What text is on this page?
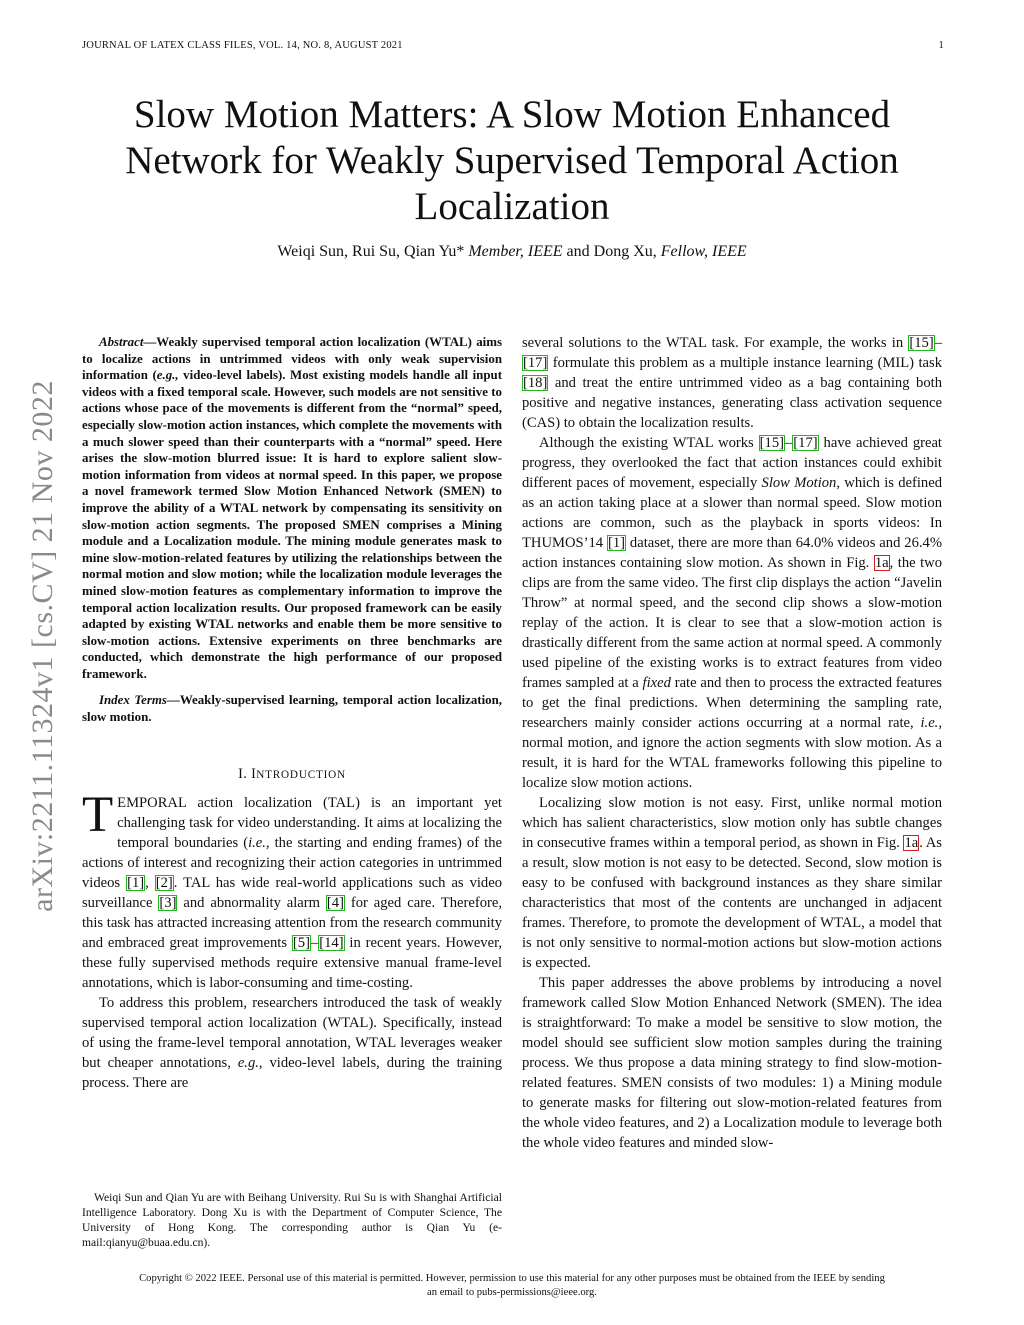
JOURNAL OF LATEX CLASS FILES, VOL. 14, NO. 8, AUGUST 2021	1
Slow Motion Matters: A Slow Motion Enhanced
Network for Weakly Supervised Temporal Action
Localization
Weiqi Sun, Rui Su, Qian Yu* Member, IEEE and Dong Xu, Fellow, IEEE
arXiv:2211.11324v1 [cs.CV] 21 Nov 2022

Abstract—Weakly supervised temporal action localization (WTAL) aims to localize actions in untrimmed videos with only weak supervision information (e.g., video-level labels). Most existing models handle all input videos with a fixed temporal scale. However, such models are not sensitive to actions whose pace of the movements is different from the “normal” speed, especially slow-motion action instances, which complete the movements with a much slower speed than their counterparts with a “normal” speed. Here arises the slow-motion blurred issue: It is hard to explore salient slow-motion information from videos at normal speed. In this paper, we propose a novel framework termed Slow Motion Enhanced Network (SMEN) to improve the ability of a WTAL network by compensating its sensitivity on slow-motion action segments. The proposed SMEN comprises a Mining module and a Localization module. The mining module generates mask to mine slow-motion-related features by utilizing the relationships between the normal motion and slow motion; while the localization module leverages the mined slow-motion features as complementary information to improve the temporal action localization results. Our proposed framework can be easily adapted by existing WTAL networks and enable them be more sensitive to slow-motion actions. Extensive experiments on three benchmarks are conducted, which demonstrate the high performance of our proposed framework.

Index Terms—Weakly-supervised learning, temporal action localization, slow motion.

I. INTRODUCTION

TEMPORAL action localization (TAL) is an important yet challenging task for video understanding. It aims at localizing the temporal boundaries (i.e., the starting and ending frames) of the actions of interest and recognizing their action categories in untrimmed videos [1], [2]. TAL has wide real-world applications such as video surveillance [3] and abnormality alarm [4] for aged care. Therefore, this task has attracted increasing attention from the research community and embraced great improvements [5]–[14] in recent years. However, these fully supervised methods require extensive manual frame-level annotations, which is labor-consuming and time-costing.

To address this problem, researchers introduced the task of weakly supervised temporal action localization (WTAL). Specifically, instead of using the frame-level temporal annotation, WTAL leverages weaker but cheaper annotations, e.g., video-level labels, during the training process. There are

Weiqi Sun and Qian Yu are with Beihang University. Rui Su is with Shanghai Artificial Intelligence Laboratory. Dong Xu is with the Department of Computer Science, The University of Hong Kong. The corresponding author is Qian Yu (e-mail:qianyu@buaa.edu.cn).

several solutions to the WTAL task. For example, the works in [15]–[17] formulate this problem as a multiple instance learning (MIL) task [18] and treat the entire untrimmed video as a bag containing both positive and negative instances, generating class activation sequence (CAS) to obtain the localization results.

Although the existing WTAL works [15]–[17] have achieved great progress, they overlooked the fact that action instances could exhibit different paces of movement, especially Slow Motion, which is defined as an action taking place at a slower than normal speed. Slow motion actions are common, such as the playback in sports videos: In THUMOS’14 [1] dataset, there are more than 64.0% videos and 26.4% action instances containing slow motion. As shown in Fig. 1a, the two clips are from the same video. The first clip displays the action “Javelin Throw” at normal speed, and the second clip shows a slow-motion replay of the action. It is clear to see that a slow-motion action is drastically different from the same action at normal speed. A commonly used pipeline of the existing works is to extract features from video frames sampled at a fixed rate and then to process the extracted features to get the final predictions. When determining the sampling rate, researchers mainly consider actions occurring at a normal rate, i.e., normal motion, and ignore the action segments with slow motion. As a result, it is hard for the WTAL frameworks following this pipeline to localize slow motion actions.

Localizing slow motion is not easy. First, unlike normal motion which has salient characteristics, slow motion only has subtle changes in consecutive frames within a temporal period, as shown in Fig. 1a. As a result, slow motion is not easy to be detected. Second, slow motion is easy to be confused with background instances as they share similar characteristics that most of the contents are unchanged in adjacent frames. Therefore, to promote the development of WTAL, a model that is not only sensitive to normal-motion actions but slow-motion actions is expected.

This paper addresses the above problems by introducing a novel framework called Slow Motion Enhanced Network (SMEN). The idea is straightforward: To make a model be sensitive to slow motion, the model should see sufficient slow motion samples during the training process. We thus propose a data mining strategy to find slow-motion-related features. SMEN consists of two modules: 1) a Mining module to generate masks for filtering out slow-motion-related features from the whole video features, and 2) a Localization module to leverage both the whole video features and minded slow-

Copyright © 2022 IEEE. Personal use of this material is permitted. However, permission to use this material for any other purposes must be obtained from the IEEE by sending
an email to pubs-permissions@ieee.org.
